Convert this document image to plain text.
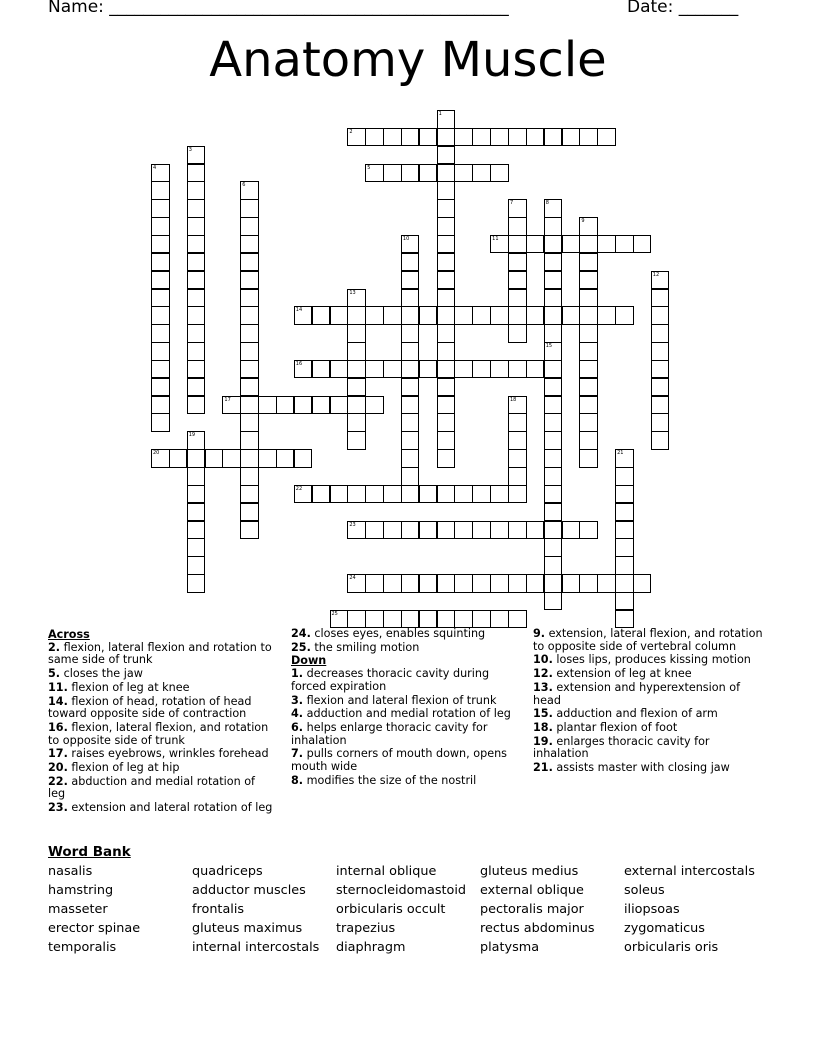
Name: _______________________________________________	Date: _______
Anatomy Muscle
1
2
3
4	5
6
7	8
9
10	11
12
13
14
15
16
17	18
19
20	21
22
23
24
25
Across
2. flexion, lateral flexion and rotation to same side of trunk
5. closes the jaw
11. flexion of leg at knee
14. flexion of head, rotation of head toward opposite side of contraction
16. flexion, lateral flexion, and rotation to opposite side of trunk
17. raises eyebrows, wrinkles forehead
20. flexion of leg at hip
22. abduction and medial rotation of leg
23. extension and lateral rotation of leg
24. closes eyes, enables squinting
25. the smiling motion
Down
1. decreases thoracic cavity during forced expiration
3. flexion and lateral flexion of trunk
4. adduction and medial rotation of leg
6. helps enlarge thoracic cavity for inhalation
7. pulls corners of mouth down, opens mouth wide
8. modifies the size of the nostril
9. extension, lateral flexion, and rotation to opposite side of vertebral column
10. loses lips, produces kissing motion
12. extension of leg at knee
13. extension and hyperextension of head
15. adduction and flexion of arm
18. plantar flexion of foot
19. enlarges thoracic cavity for inhalation
21. assists master with closing jaw
Word Bank
nasalis
hamstring
masseter
erector spinae
temporalis
quadriceps
adductor muscles
frontalis
gluteus maximus
internal intercostals
internal oblique
sternocleidomastoid
orbicularis occult
trapezius
diaphragm
gluteus medius
external oblique
pectoralis major
rectus abdominus
platysma
external intercostals
soleus
iliopsoas
zygomaticus
orbicularis oris
